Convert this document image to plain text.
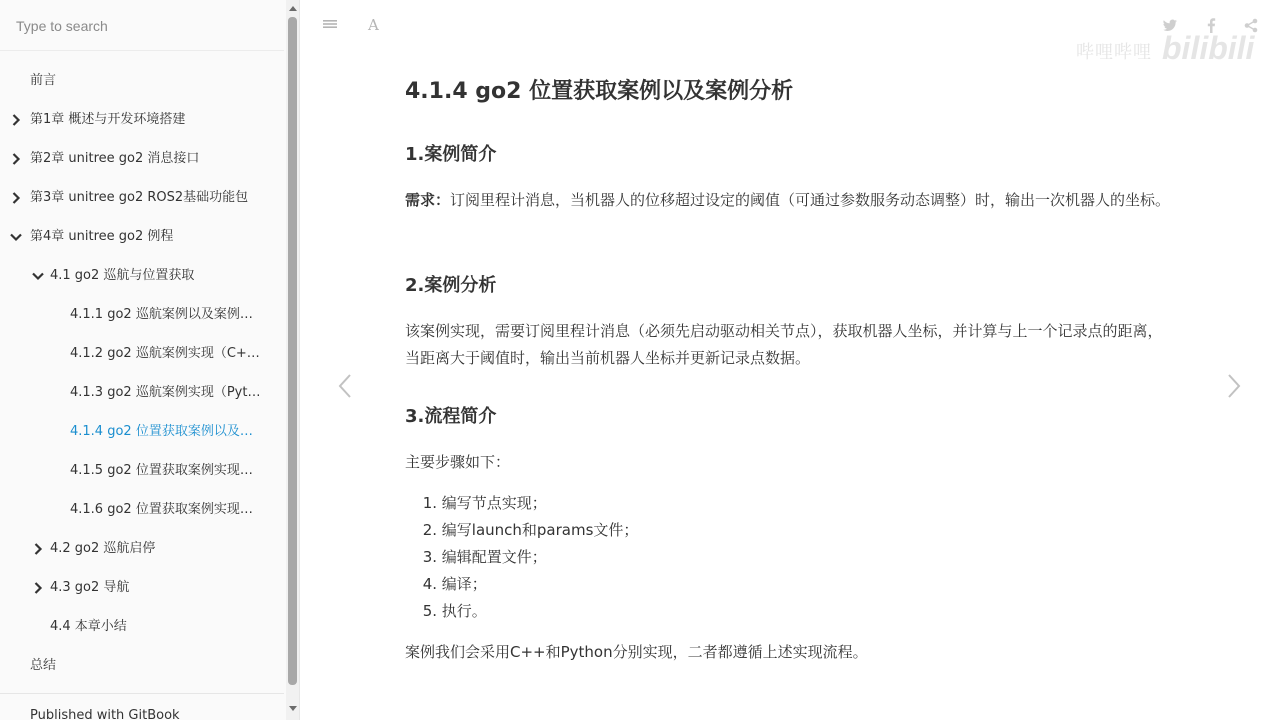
Type to search
前言
第1章 概述与开发环境搭建
第2章 unitree go2 消息接口
第3章 unitree go2 ROS2基础功能包
第4章 unitree go2 例程
4.1 go2 巡航与位置获取
4.1.1 go2 巡航案例以及案例…
4.1.2 go2 巡航案例实现（C+…
4.1.3 go2 巡航案例实现（Pyt…
4.1.4 go2 位置获取案例以及…
4.1.5 go2 位置获取案例实现…
4.1.6 go2 位置获取案例实现…
4.2 go2 巡航启停
4.3 go2 导航
4.4 本章小结
总结
Published with GitBook
A
哔哩哔哩 bilibili
4.1.4 go2 位置获取案例以及案例分析
1.案例简介
需求：订阅里程计消息，当机器人的位移超过设定的阈值（可通过参数服务动态调整）时，输出一次机器人的坐标。
2.案例分析
该案例实现，需要订阅里程计消息（必须先启动驱动相关节点），获取机器人坐标，并计算与上一个记录点的距离，当距离大于阈值时，输出当前机器人坐标并更新记录点数据。
3.流程简介
主要步骤如下：
1. 编写节点实现；
2. 编写launch和params文件；
3. 编辑配置文件；
4. 编译；
5. 执行。
案例我们会采用C++和Python分别实现，二者都遵循上述实现流程。
